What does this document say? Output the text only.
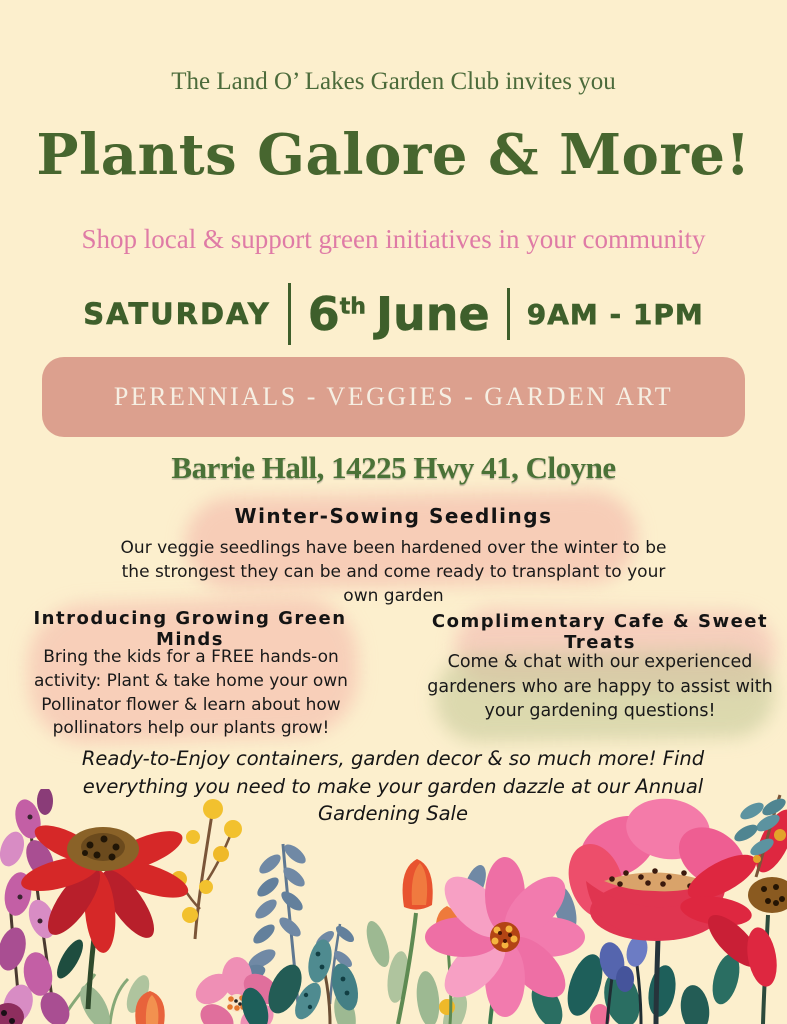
The Land O’ Lakes Garden Club invites you
Plants Galore & More!
Shop local & support green initiatives in your community
SATURDAY 6th June 9AM - 1PM
PERENNIALS - VEGGIES - GARDEN ART
Barrie Hall, 14225 Hwy 41, Cloyne
Winter-Sowing Seedlings
Our veggie seedlings have been hardened over the winter to be the strongest they can be and come ready to transplant to your own garden
Introducing Growing Green Minds
Bring the kids for a FREE hands-on activity: Plant & take home your own Pollinator flower & learn about how pollinators help our plants grow!
Complimentary Cafe & Sweet Treats
Come & chat with our experienced gardeners who are happy to assist with your gardening questions!
Ready-to-Enjoy containers, garden decor & so much more! Find everything you need to make your garden dazzle at our Annual Gardening Sale
